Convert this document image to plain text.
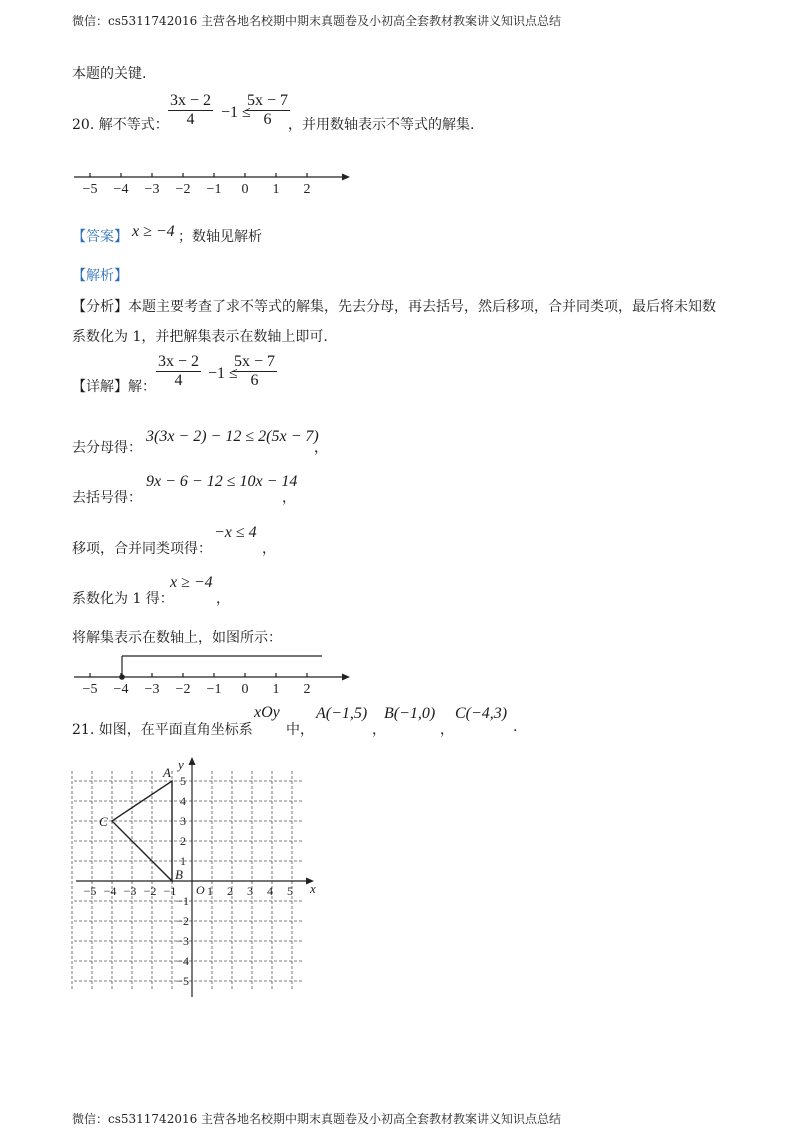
微信：cs5311742016 主营各地名校期中期末真题卷及小初高全套教材教案讲义知识点总结
微信：cs5311742016 主营各地名校期中期末真题卷及小初高全套教材教案讲义知识点总结
本题的关键.
20. 解不等式： $\frac{3x - 2}{4} -1$ ≤
$\frac{5x - 7}{6}$
，并用数轴表示不等式的解集.
−5 −4 −3 −2 −1 0 1 2
【答案】 x ≥ −4 ；数轴见解析
【解析】
【分析】本题主要考查了求不等式的解集，先去分母，再去括号，然后移项，合并同类项，最后将未知数
系数化为 1，并把解集表示在数轴上即可.
【详解】解： $\frac{3x - 2}{4} -1$ ≤
$\frac{5x - 7}{6}$
去分母得：
3(3x − 2) − 12 ≤ 2(5x − 7)
，
去括号得：
9x − 6 − 12 ≤ 10x − 14
，
移项，合并同类项得：
−x ≤ 4
，
系数化为 1 得：
x ≥ −4
，
将解集表示在数轴上，如图所示：
−5 −4 −3 −2 −1 0 1 2
21. 如图，在平面直角坐标系
xOy
中，
A(−1,5)
，
B(−1,0)
，
C(−4,3)
.
−5 −4 −3 −2 −1	1 2 3 4 5
1
2
3
4
5
−1
−2
−3
−4
−5
x
y
O
A
B
C
